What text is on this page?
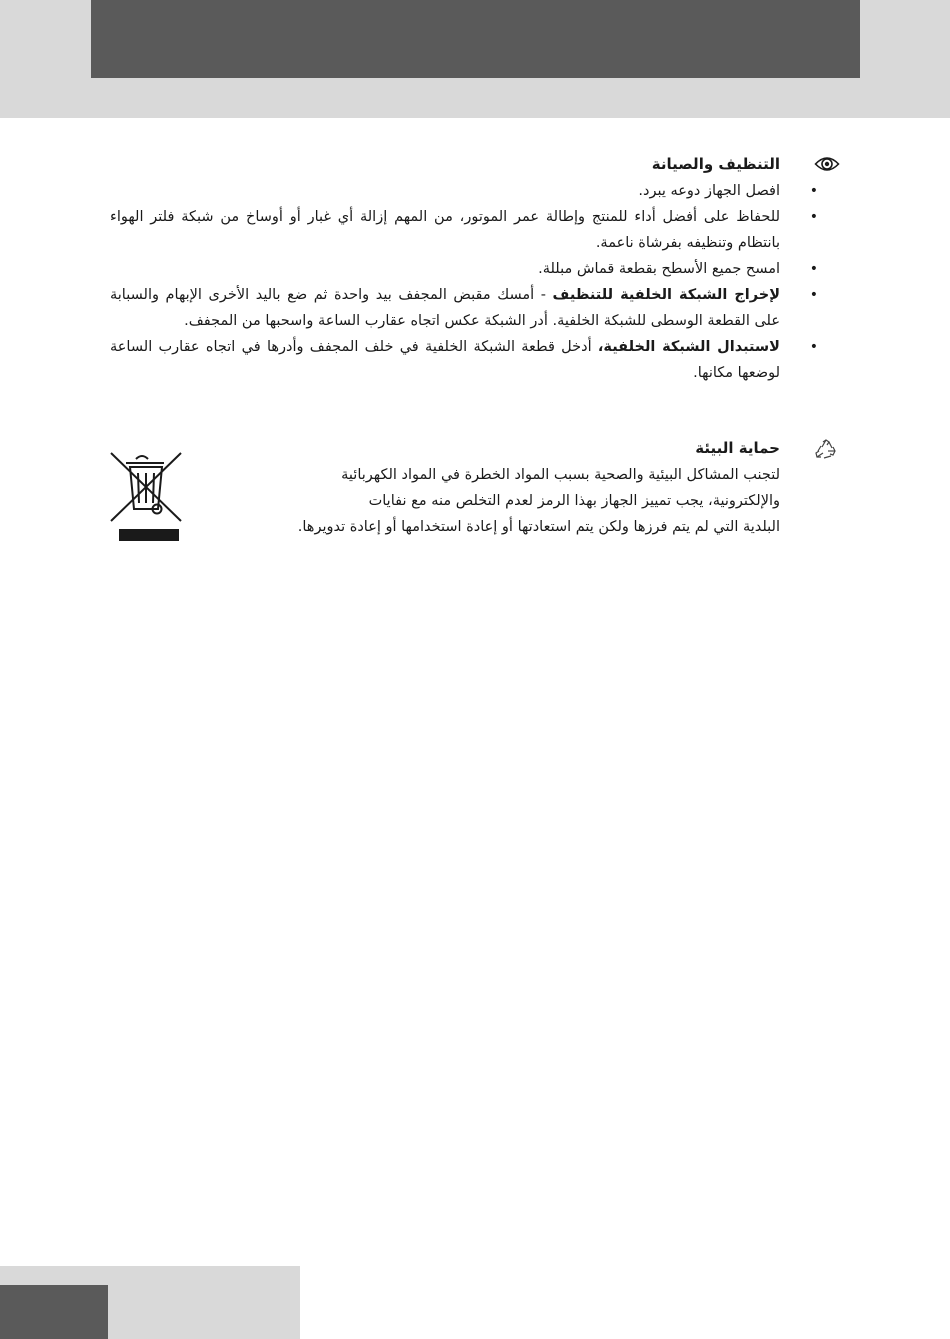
التنظيف والصيانة
•
افصل الجهاز دوعه يبرد.
•
للحفاظ على أفضل أداء للمنتج وإطالة عمر الموتور، من المهم إزالة أي غبار أو أوساخ من شبكة فلتر الهواء بانتظام وتنظيفه بفرشاة ناعمة.
•
امسح جميع الأسطح بقطعة قماش مبللة.
•
لإخراج الشبكة الخلفية للتنظيف - أمسك مقبض المجفف بيد واحدة ثم ضع باليد الأخرى الإبهام والسبابة على القطعة الوسطى للشبكة الخلفية. أدر الشبكة عكس اتجاه عقارب الساعة واسحبها من المجفف.
•
لاستبدال الشبكة الخلفية، أدخل قطعة الشبكة الخلفية في خلف المجفف وأدرها في اتجاه عقارب الساعة لوضعها مكانها.
حماية البيئة
لتجنب المشاكل البيئية والصحية بسبب المواد الخطرة في المواد الكهربائية
والإلكترونية، يجب تمييز الجهاز بهذا الرمز لعدم التخلص منه مع نفايات
البلدية التي لم يتم فرزها ولكن يتم استعادتها أو إعادة استخدامها أو إعادة تدويرها.
